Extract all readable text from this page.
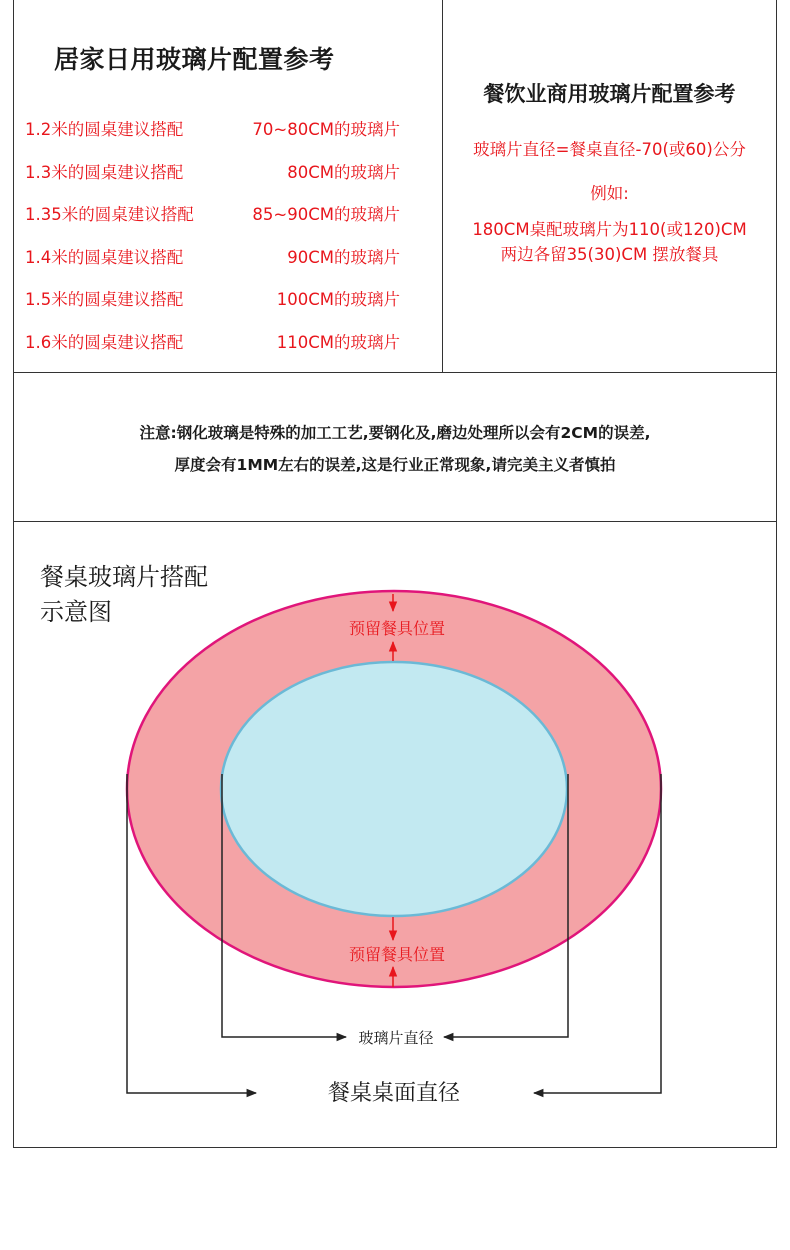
居家日用玻璃片配置参考
1.2米的圆桌建议搭配	70~80CM的玻璃片
1.3米的圆桌建议搭配	80CM的玻璃片
1.35米的圆桌建议搭配	85~90CM的玻璃片
1.4米的圆桌建议搭配	90CM的玻璃片
1.5米的圆桌建议搭配	100CM的玻璃片
1.6米的圆桌建议搭配	110CM的玻璃片
餐饮业商用玻璃片配置参考
玻璃片直径=餐桌直径-70(或60)公分
例如:
180CM桌配玻璃片为110(或120)CM
两边各留35(30)CM 摆放餐具
注意:钢化玻璃是特殊的加工工艺,要钢化及,磨边处理所以会有2CM的误差,
厚度会有1MM左右的误差,这是行业正常现象,请完美主义者慎拍
餐桌玻璃片搭配
示意图
预留餐具位置
预留餐具位置
玻璃片直径
餐桌桌面直径
